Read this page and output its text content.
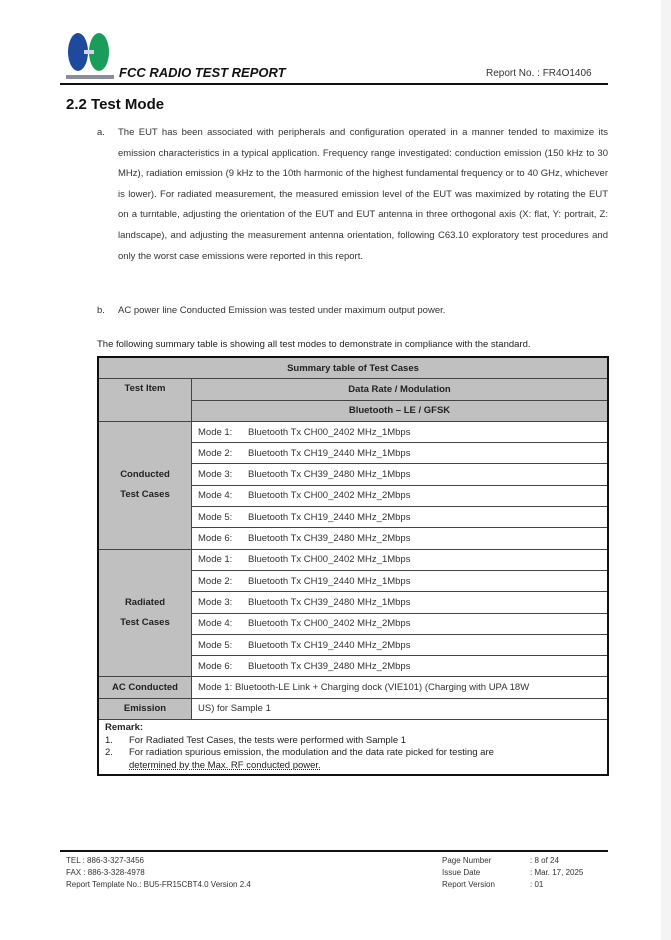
FCC RADIO TEST REPORT	Report No. : FR4O1406
2.2 Test Mode
a. The EUT has been associated with peripherals and configuration operated in a manner tended to maximize its emission characteristics in a typical application. Frequency range investigated: conduction emission (150 kHz to 30 MHz), radiation emission (9 kHz to the 10th harmonic of the highest fundamental frequency or to 40 GHz, whichever is lower). For radiated measurement, the measured emission level of the EUT was maximized by rotating the EUT on a turntable, adjusting the orientation of the EUT and EUT antenna in three orthogonal axis (X: flat, Y: portrait, Z: landscape), and adjusting the measurement antenna orientation, following C63.10 exploratory test procedures and only the worst case emissions were reported in this report.
b. AC power line Conducted Emission was tested under maximum output power.
The following summary table is showing all test modes to demonstrate in compliance with the standard.
Summary table of Test Cases	
Test Item	Data Rate / Modulation
	Bluetooth – LE / GFSK

Conducted
Test Cases	Mode 1: Bluetooth Tx CH00_2402 MHz_1Mbps
	Mode 2: Bluetooth Tx CH19_2440 MHz_1Mbps
	Mode 3: Bluetooth Tx CH39_2480 MHz_1Mbps
	Mode 4: Bluetooth Tx CH00_2402 MHz_2Mbps
	Mode 5: Bluetooth Tx CH19_2440 MHz_2Mbps
	Mode 6: Bluetooth Tx CH39_2480 MHz_2Mbps

Radiated
Test Cases	Mode 1: Bluetooth Tx CH00_2402 MHz_1Mbps
	Mode 2: Bluetooth Tx CH19_2440 MHz_1Mbps
	Mode 3: Bluetooth Tx CH39_2480 MHz_1Mbps
	Mode 4: Bluetooth Tx CH00_2402 MHz_2Mbps
	Mode 5: Bluetooth Tx CH19_2440 MHz_2Mbps
	Mode 6: Bluetooth Tx CH39_2480 MHz_2Mbps
AC Conducted	Mode 1: Bluetooth-LE Link + Charging dock (VIE101) (Charging with UPA 18W
Emission	US) for Sample 1

Remark:
1.	For Radiated Test Cases, the tests were performed with Sample 1
2.	For radiation spurious emission, the modulation and the data rate picked for testing are
determined by the Max. RF conducted power.
TEL : 886-3-327-3456
FAX : 886-3-328-4978
Report Template No.: BU5-FR15CBT4.0 Version 2.4
Page Number
Issue Date
Report Version
: 8 of 24
: Mar. 17, 2025
: 01
